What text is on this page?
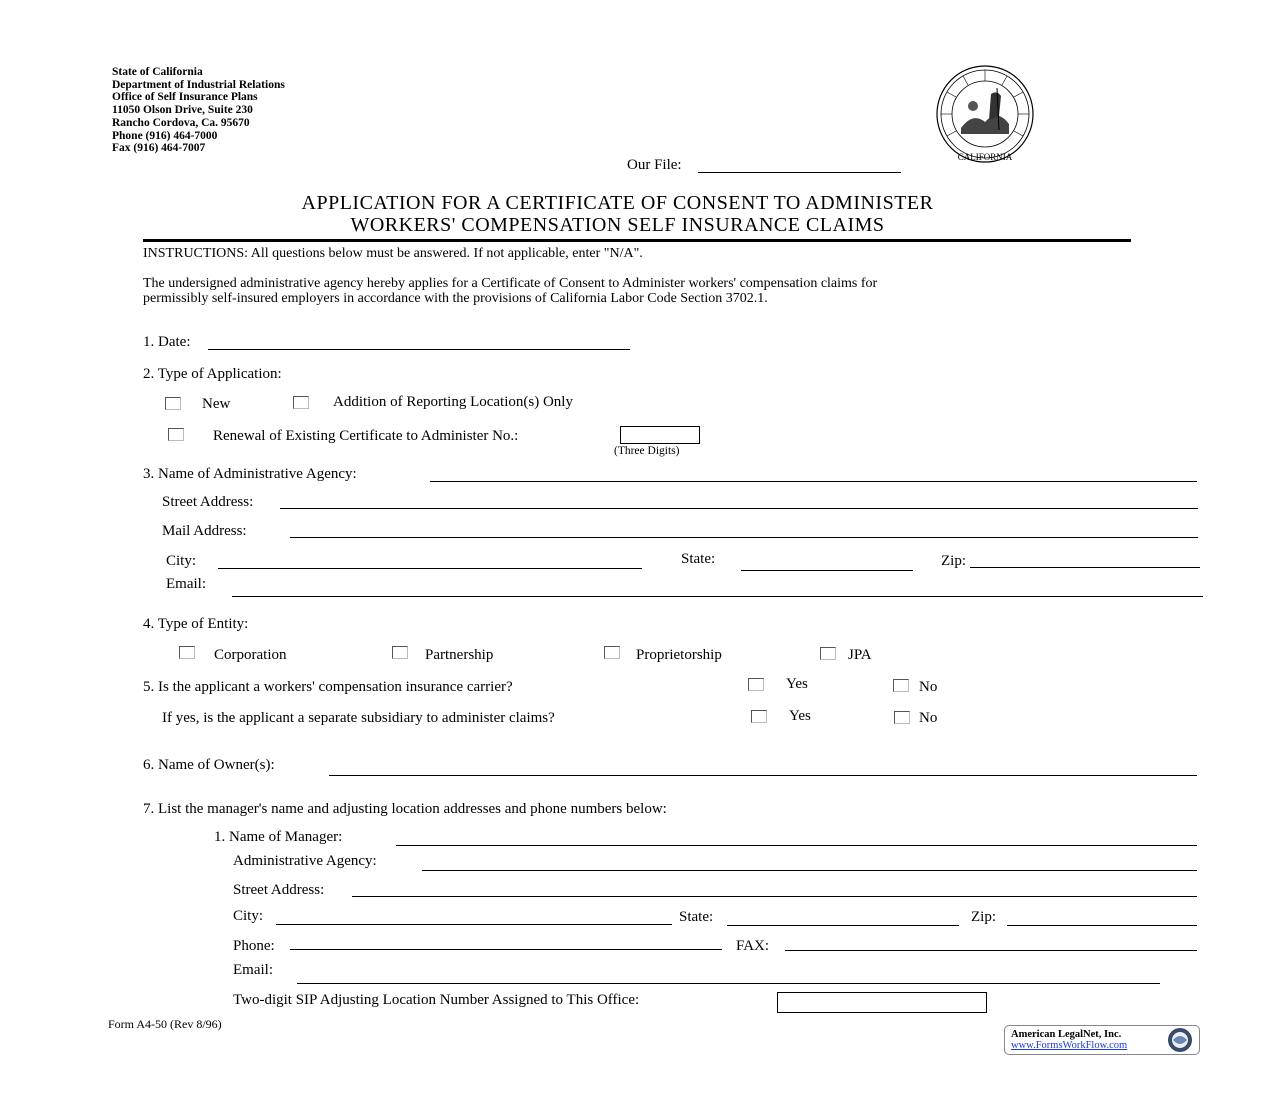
State of California
Department of Industrial Relations
Office of Self Insurance Plans
11050 Olson Drive, Suite 230
Rancho Cordova, Ca. 95670
Phone (916) 464-7000
Fax (916) 464-7007
CALIFORNIA
Our File:
APPLICATION FOR A CERTIFICATE OF CONSENT TO ADMINISTER
WORKERS' COMPENSATION SELF INSURANCE CLAIMS
INSTRUCTIONS: All questions below must be answered. If not applicable, enter "N/A".
The undersigned administrative agency hereby applies for a Certificate of Consent to Administer workers' compensation claims for
permissibly self-insured employers in accordance with the provisions of California Labor Code Section 3702.1.
1. Date:
2. Type of Application:
New	Addition of Reporting Location(s) Only
Renewal of Existing Certificate to Administer No.:
(Three Digits)
3. Name of Administrative Agency:
Street Address:
Mail Address:
City:	State:	Zip:
Email:
4. Type of Entity:
Corporation	Partnership	Proprietorship	JPA
5. Is the applicant a workers' compensation insurance carrier?	Yes	No
If yes, is the applicant a separate subsidiary to administer claims?	Yes	No
6. Name of Owner(s):
7. List the manager's name and adjusting location addresses and phone numbers below:
1. Name of Manager:
Administrative Agency:
Street Address:
City:	State:	Zip:
Phone:	FAX:
Email:
Two-digit SIP Adjusting Location Number Assigned to This Office:
Form A4-50 (Rev 8/96)
American LegalNet, Inc.
www.FormsWorkFlow.com
